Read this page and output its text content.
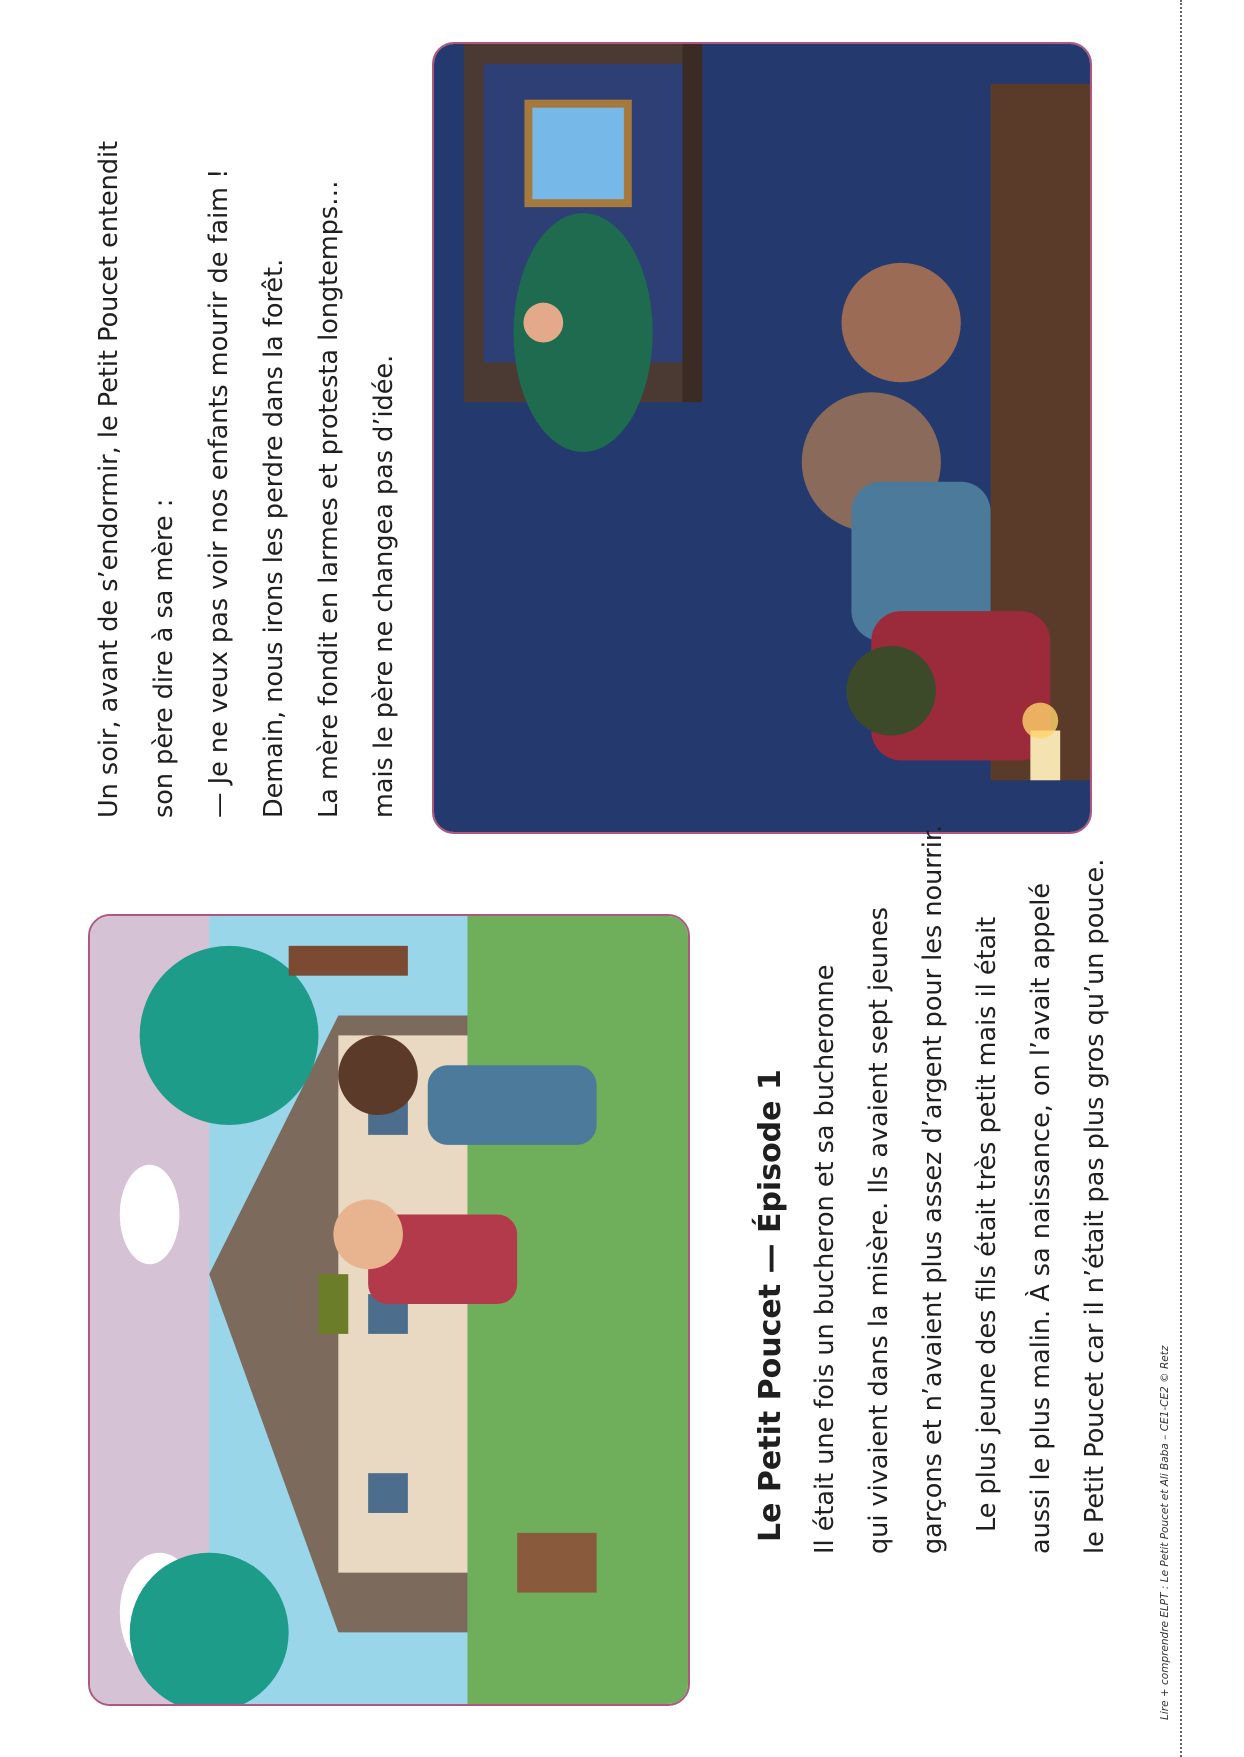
Le Petit Poucet — Épisode 1 Il était une fois un bucheron et sa bucheronne qui vivaient dans la misère. Ils avaient sept jeunes garçons et n’avaient plus assez d’argent pour les nourrir. Le plus jeune des fils était très petit mais il était aussi le plus malin. À sa naissance, on l’avait appelé le Petit Poucet car il n’était pas plus gros qu’un pouce.
Un soir, avant de s’endormir, le Petit Poucet entendit son père dire à sa mère : — Je ne veux pas voir nos enfants mourir de faim ! Demain, nous irons les perdre dans la forêt. La mère fondit en larmes et protesta longtemps… mais le père ne changea pas d’idée.
Lire + comprendre ELPT : Le Petit Poucet et Ali Baba – CE1-CE2 © Retz
